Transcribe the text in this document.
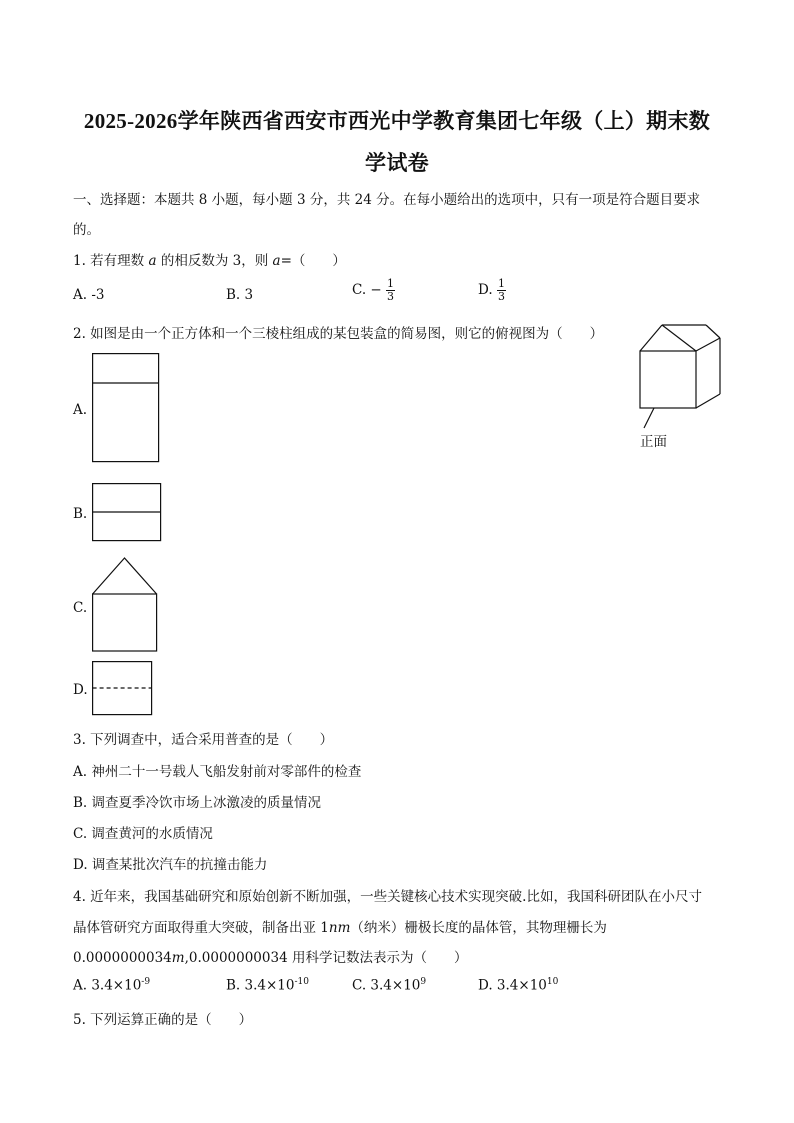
2025-2026学年陕西省西安市西光中学教育集团七年级（上）期末数
学试卷
一、选择题：本题共 8 小题，每小题 3 分，共 24 分。在每小题给出的选项中，只有一项是符合题目要求
的。
1. 若有理数 a 的相反数为 3，则 a=（　　）
A. -3	B. 3	C. − $\frac{1}{3}$	D. $\frac{1}{3}$
2. 如图是由一个正方体和一个三棱柱组成的某包装盒的简易图，则它的俯视图为（　　）
正面
A.
B.
C.
D.
3. 下列调查中，适合采用普查的是（　　）
A. 神州二十一号载人飞船发射前对零部件的检查
B. 调查夏季冷饮市场上冰激凌的质量情况
C. 调查黄河的水质情况
D. 调查某批次汽车的抗撞击能力
4. 近年来，我国基础研究和原始创新不断加强，一些关键核心技术实现突破.比如，我国科研团队在小尺寸
晶体管研究方面取得重大突破，制备出亚 1nm（纳米）栅极长度的晶体管，其物理栅长为
0.0000000034m,0.0000000034 用科学记数法表示为（　　）
A. $3.4\times 10^{-9}$	B. $3.4\times 10^{-10}$	C. $3.4\times 10^9$	D. $3.4\times 10^{10}$
5. 下列运算正确的是（　　）
